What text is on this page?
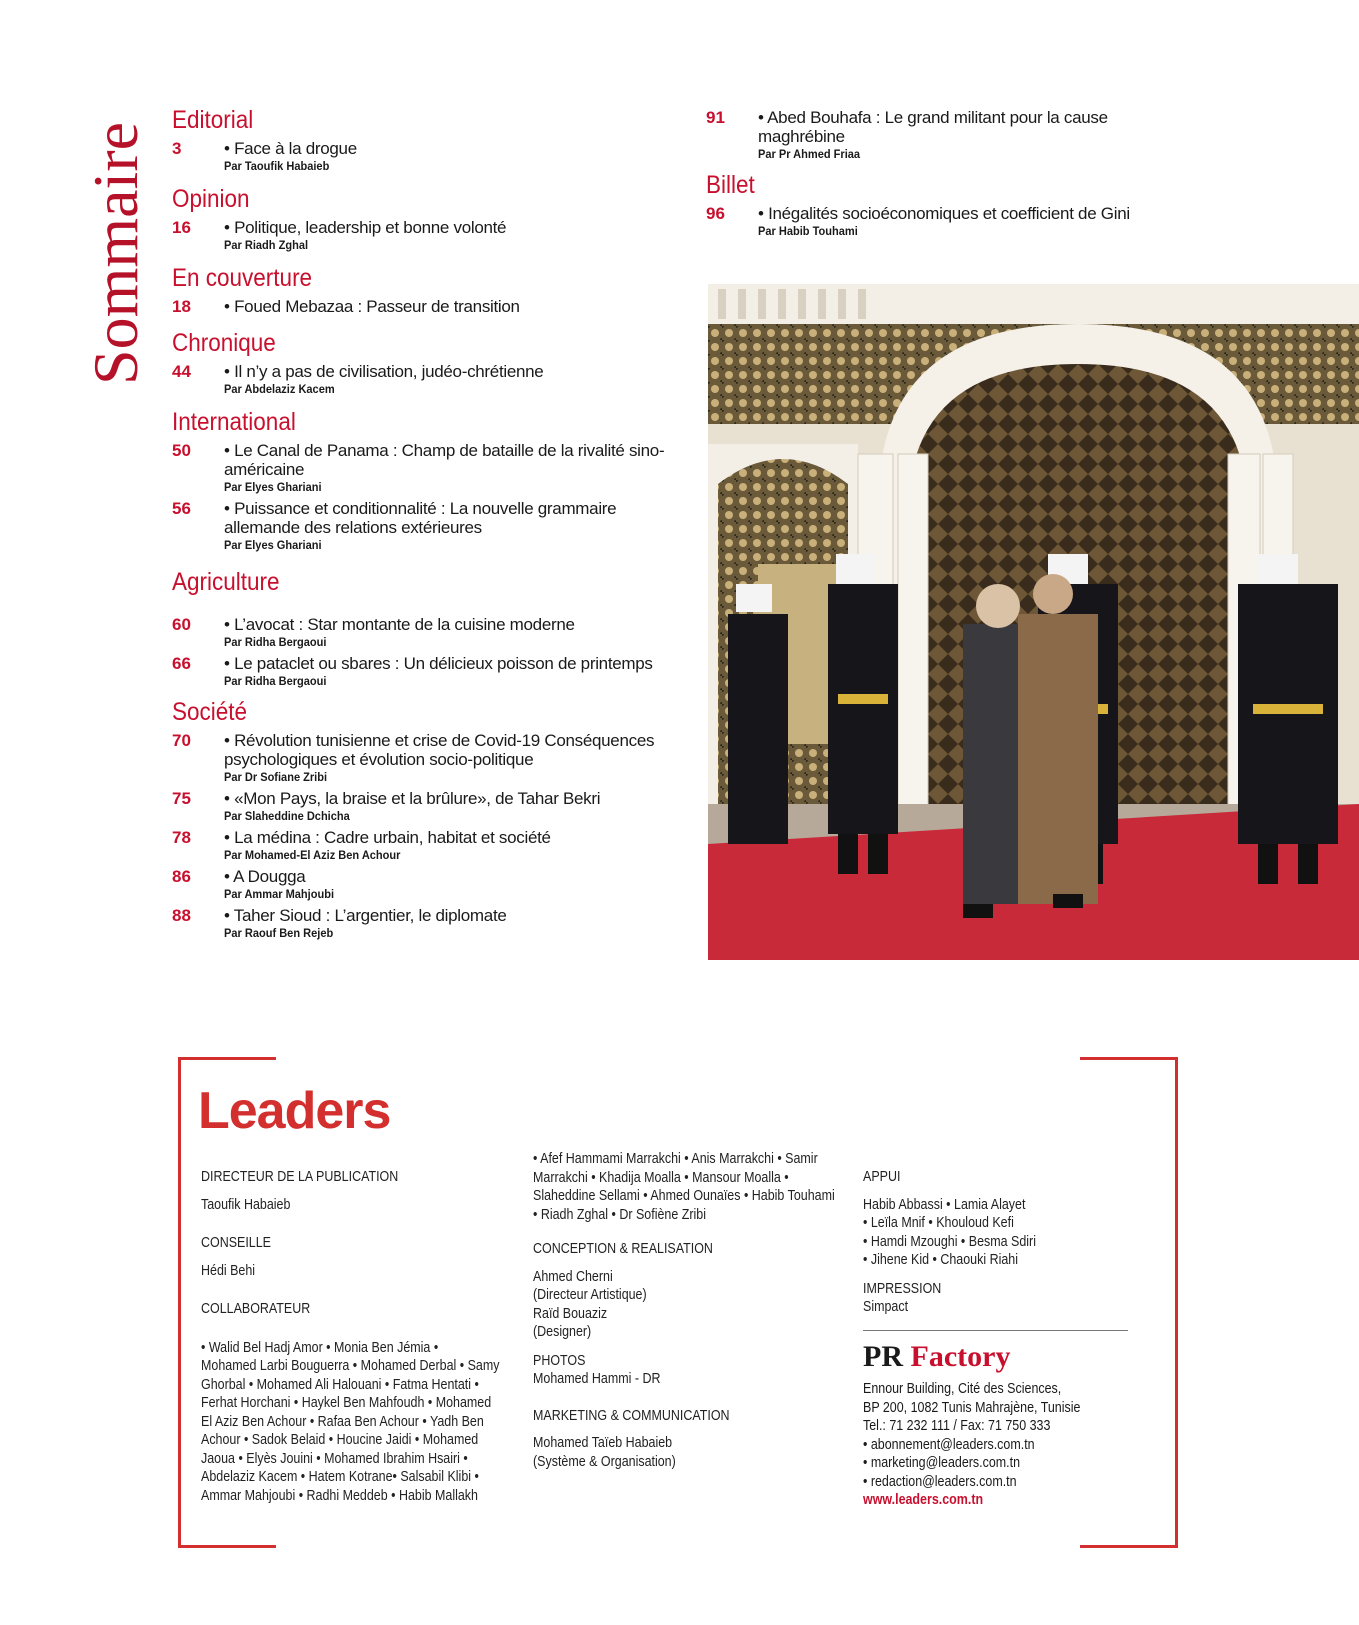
Sommaire
Editorial
3	• Face à la drogue
Par Taoufik Habaieb
Opinion
16	• Politique, leadership et bonne volonté
Par Riadh Zghal
En couverture
18	• Foued Mebazaa : Passeur de transition
Chronique
44	• Il n’y a pas de civilisation, judéo-chrétienne
Par Abdelaziz Kacem
International
50	• Le Canal de Panama : Champ de bataille de la rivalité sino-américaine
Par Elyes Ghariani
56	• Puissance et conditionnalité : La nouvelle grammaire allemande des relations extérieures
Par Elyes Ghariani
Agriculture
60	• L’avocat : Star montante de la cuisine moderne
Par Ridha Bergaoui
66	• Le pataclet ou sbares : Un délicieux poisson de printemps
Par Ridha Bergaoui
Société
70	• Révolution tunisienne et crise de Covid-19 Conséquences psychologiques et évolution socio-politique
Par Dr Sofiane Zribi
75	• «Mon Pays, la braise et la brûlure», de Tahar Bekri
Par Slaheddine Dchicha
78	• La médina : Cadre urbain, habitat et société
Par Mohamed-El Aziz Ben Achour
86	• A Dougga
Par Ammar Mahjoubi
88	• Taher Sioud : L’argentier, le diplomate
Par Raouf Ben Rejeb
91	• Abed Bouhafa : Le grand militant pour la cause maghrébine
Par Pr Ahmed Friaa
Billet
96	• Inégalités socioéconomiques et coefficient de Gini
Par Habib Touhami
Leaders
DIRECTEUR DE LA PUBLICATION
Taoufik Habaieb
CONSEILLE
Hédi Behi
COLLABORATEUR
• Walid Bel Hadj Amor • Monia Ben Jémia •
Mohamed Larbi Bouguerra • Mohamed Derbal • Samy
Ghorbal • Mohamed Ali Halouani • Fatma Hentati •
Ferhat Horchani • Haykel Ben Mahfoudh • Mohamed
El Aziz Ben Achour • Rafaa Ben Achour • Yadh Ben
Achour • Sadok Belaid • Houcine Jaidi • Mohamed
Jaoua • Elyès Jouini • Mohamed Ibrahim Hsairi •
Abdelaziz Kacem • Hatem Kotrane• Salsabil Klibi •
Ammar Mahjoubi • Radhi Meddeb • Habib Mallakh
• Afef Hammami Marrakchi • Anis Marrakchi • Samir
Marrakchi • Khadija Moalla • Mansour Moalla •
Slaheddine Sellami • Ahmed Ounaïes • Habib Touhami
• Riadh Zghal • Dr Sofiène Zribi
CONCEPTION & REALISATION
Ahmed Cherni
(Directeur Artistique)
Raïd Bouaziz
(Designer)
PHOTOS
Mohamed Hammi - DR
MARKETING & COMMUNICATION
Mohamed Taïeb Habaieb
(Système & Organisation)
APPUI
Habib Abbassi • Lamia Alayet
• Leïla Mnif • Khouloud Kefi
• Hamdi Mzoughi • Besma Sdiri
• Jihene Kid • Chaouki Riahi
IMPRESSION
Simpact
PR Factory
Ennour Building, Cité des Sciences,
BP 200, 1082 Tunis Mahrajène, Tunisie
Tel.: 71 232 111 / Fax: 71 750 333
• abonnement@leaders.com.tn
• marketing@leaders.com.tn
• redaction@leaders.com.tn
www.leaders.com.tn
